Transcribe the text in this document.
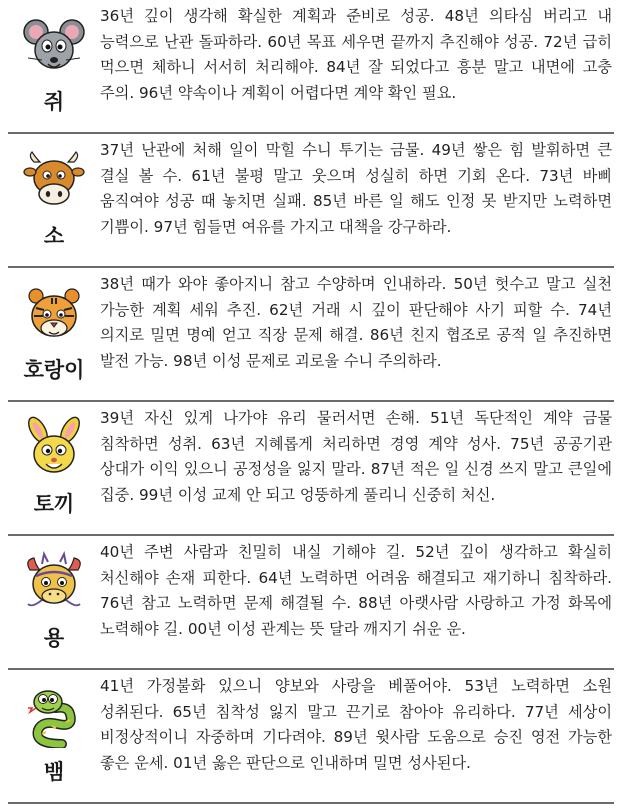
쥐

36년 깊이 생각해 확실한 계획과 준비로 성공. 48년 의타심 버리고 내 능력으로 난관 돌파하라. 60년 목표 세우면 끝까지 추진해야 성공. 72년 급히 먹으면 체하니 서서히 처리해야. 84년 잘 되었다고 흥분 말고 내면에 고충 주의. 96년 약속이나 계획이 어렵다면 계약 확인 필요.

소

37년 난관에 처해 일이 막힐 수니 투기는 금물. 49년 쌓은 힘 발휘하면 큰 결실 볼 수. 61년 불평 말고 웃으며 성실히 하면 기회 온다. 73년 바삐 움직여야 성공 때 놓치면 실패. 85년 바른 일 해도 인정 못 받지만 노력하면 기쁨이. 97년 힘들면 여유를 가지고 대책을 강구하라.

호랑이

38년 때가 와야 좋아지니 참고 수양하며 인내하라. 50년 헛수고 말고 실천 가능한 계획 세워 추진. 62년 거래 시 깊이 판단해야 사기 피할 수. 74년 의지로 밀면 명예 얻고 직장 문제 해결. 86년 친지 협조로 공적 일 추진하면 발전 가능. 98년 이성 문제로 괴로울 수니 주의하라.

토끼

39년 자신 있게 나가야 유리 물러서면 손해. 51년 독단적인 계약 금물 침착하면 성취. 63년 지혜롭게 처리하면 경영 계약 성사. 75년 공공기관 상대가 이익 있으니 공정성을 잃지 말라. 87년 적은 일 신경 쓰지 말고 큰일에 집중. 99년 이성 교제 안 되고 엉뚱하게 풀리니 신중히 처신.

용

40년 주변 사람과 친밀히 내실 기해야 길. 52년 깊이 생각하고 확실히 처신해야 손재 피한다. 64년 노력하면 어려움 해결되고 재기하니 침착하라. 76년 참고 노력하면 문제 해결될 수. 88년 아랫사람 사랑하고 가정 화목에 노력해야 길. 00년 이성 관계는 뜻 달라 깨지기 쉬운 운.

뱀

41년 가정불화 있으니 양보와 사랑을 베풀어야. 53년 노력하면 소원 성취된다. 65년 침착성 잃지 말고 끈기로 참아야 유리하다. 77년 세상이 비정상적이니 자중하며 기다려야. 89년 윗사람 도움으로 승진 영전 가능한 좋은 운세. 01년 옳은 판단으로 인내하며 밀면 성사된다.
